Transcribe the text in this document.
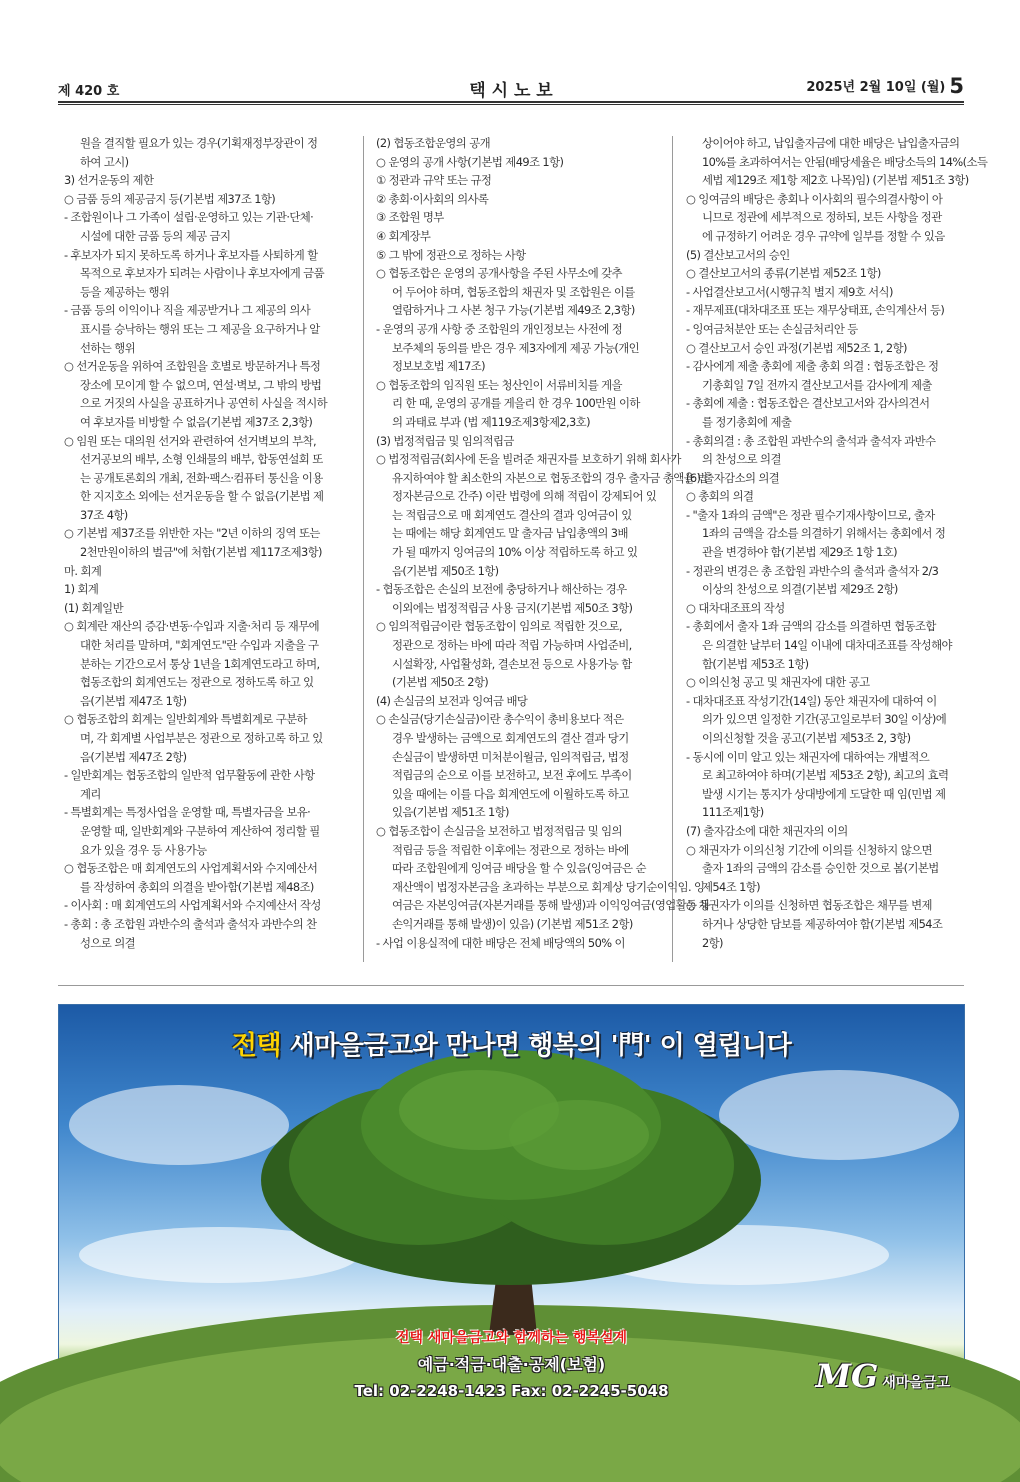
제 420 호	택 시 노 보	2025년 2월 10일 (월) 5

원을 결직할 필요가 있는 경우(기획재정부장관이 정

하여 고시)

3) 선거운동의 제한

○ 금품 등의 제공금지 등(기본법 제37조 1항)

- 조합원이나 그 가족이 설립·운영하고 있는 기관·단체·

시설에 대한 금품 등의 제공 금지

- 후보자가 되지 못하도록 하거나 후보자를 사퇴하게 할

목적으로 후보자가 되려는 사람이나 후보자에게 금품

등을 제공하는 행위

- 금품 등의 이익이나 직을 제공받거나 그 제공의 의사

표시를 승낙하는 행위 또는 그 제공을 요구하거나 알

선하는 행위

○ 선거운동을 위하여 조합원을 호별로 방문하거나 특정

장소에 모이게 할 수 없으며, 연설·벽보, 그 밖의 방법

으로 거짓의 사실을 공표하거나 공연히 사실을 적시하

여 후보자를 비방할 수 없음(기본법 제37조 2,3항)

○ 임원 또는 대의원 선거와 관련하여 선거벽보의 부착,

선거공보의 배부, 소형 인쇄물의 배부, 합동연설회 또

는 공개토론회의 개최, 전화·팩스·컴퓨터 통신을 이용

한 지지호소 외에는 선거운동을 할 수 없음(기본법 제

37조 4항)

○ 기본법 제37조를 위반한 자는 "2년 이하의 징역 또는

2천만원이하의 벌금"에 처함(기본법 제117조제3항)

마. 회계

1) 회계

(1) 회계일반

○ 회계란 재산의 증감·변동·수입과 지출·처리 등 재무에

대한 처리를 말하며, "회계연도"란 수입과 지출을 구

분하는 기간으로서 통상 1년을 1회계연도라고 하며,

협동조합의 회계연도는 정관으로 정하도록 하고 있

음(기본법 제47조 1항)

○ 협동조합의 회계는 일반회계와 특별회계로 구분하

며, 각 회계별 사업부분은 정관으로 정하고록 하고 있

음(기본법 제47조 2항)

- 일반회계는 협동조합의 일반적 업무활동에 관한 사항

계리

- 특별회계는 특정사업을 운영할 때, 특별자금을 보유·

운영할 때, 일반회계와 구분하여 계산하여 정리할 필

요가 있을 경우 등 사용가능

○ 협동조합은 매 회계연도의 사업계획서와 수지예산서

를 작성하여 총회의 의결을 받아함(기본법 제48조)

- 이사회 : 매 회계연도의 사업계획서와 수지예산서 작성

- 총회 : 총 조합원 과반수의 출석과 출석자 과반수의 찬

성으로 의결

(2) 협동조합운영의 공개

○ 운영의 공개 사항(기본법 제49조 1항)

① 정관과 규약 또는 규정

② 총회·이사회의 의사록

③ 조합원 명부

④ 회계장부

⑤ 그 밖에 정관으로 정하는 사항

○ 협동조합은 운영의 공개사항을 주된 사무소에 갖추

어 두어야 하며, 협동조합의 채권자 및 조합원은 이를

열람하거나 그 사본 청구 가능(기본법 제49조 2,3항)

- 운영의 공개 사항 중 조합원의 개인정보는 사전에 정

보주체의 동의를 받은 경우 제3자에게 제공 가능(개인

정보보호법 제17조)

○ 협동조합의 임직원 또는 청산인이 서류비치를 게을

리 한 때, 운영의 공개를 게을리 한 경우 100만원 이하

의 과태료 부과 (법 제119조제3항제2,3호)

(3) 법정적립금 및 임의적립금

○ 법정적립금(회사에 돈을 빌려준 채권자를 보호하기 위해 회사가

유지하여야 할 최소한의 자본으로 협동조합의 경우 출자금 총액을 법

정자본금으로 간주) 이란 법령에 의해 적립이 강제되어 있

는 적립금으로 매 회계연도 결산의 결과 잉여금이 있

는 때에는 해당 회계연도 말 출자금 납입총액의 3배

가 될 때까지 잉여금의 10% 이상 적립하도록 하고 있

음(기본법 제50조 1항)

- 협동조합은 손실의 보전에 충당하거나 해산하는 경우

이외에는 법정적립금 사용 금지(기본법 제50조 3항)

○ 임의적립금이란 협동조합이 임의로 적립한 것으로,

정관으로 정하는 바에 따라 적립 가능하며 사업준비,

시설확장, 사업활성화, 결손보전 등으로 사용가능 함

(기본법 제50조 2항)

(4) 손실금의 보전과 잉여금 배당

○ 손실금(당기손실금)이란 총수익이 총비용보다 적은

경우 발생하는 금액으로 회계연도의 결산 결과 당기

손실금이 발생하면 미처분이월금, 임의적립금, 법정

적립금의 순으로 이를 보전하고, 보전 후에도 부족이

있을 때에는 이를 다음 회계연도에 이월하도록 하고

있음(기본법 제51조 1항)

○ 협동조합이 손실금을 보전하고 법정적립금 및 임의

적립금 등을 적립한 이후에는 정관으로 정하는 바에

따라 조합원에게 잉여금 배당을 할 수 있음(잉여금은 순

재산액이 법정자본금을 초과하는 부분으로 회계상 당기순이익임. 잉

여금은 자본잉여금(자본거래를 통해 발생)과 이익잉여금(영업활동 등

손익거래를 통해 발생)이 있음) (기본법 제51조 2항)

- 사업 이용실적에 대한 배당은 전체 배당액의 50% 이

상이어야 하고, 납입출자금에 대한 배당은 납입출자금의

10%를 초과하여서는 안됨(배당세율은 배당소득의 14%(소득

세법 제129조 제1항 제2호 나목)임) (기본법 제51조 3항)

○ 잉여금의 배당은 총회나 이사회의 필수의결사항이 아

니므로 정관에 세부적으로 정하되, 보든 사항을 정관

에 규정하기 어려운 경우 규약에 일부를 정할 수 있음

(5) 결산보고서의 승인

○ 결산보고서의 종류(기본법 제52조 1항)

- 사업결산보고서(시행규칙 별지 제9호 서식)

- 재무제표(대차대조표 또는 재무상태표, 손익계산서 등)

- 잉여금처분안 또는 손실금처리안 등

○ 결산보고서 승인 과정(기본법 제52조 1, 2항)

- 감사에게 제출 총회에 제출 총회 의결 : 협동조합은 정

기총회일 7일 전까지 결산보고서를 감사에게 제출

- 총회에 제출 : 협동조합은 결산보고서와 감사의견서

를 정기총회에 제출

- 총회의결 : 총 조합원 과반수의 출석과 출석자 과반수

의 찬성으로 의결

(6) 출자감소의 의결

○ 총회의 의결

- "출자 1좌의 금액"은 정관 필수기재사항이므로, 출자

1좌의 금액을 감소를 의결하기 위해서는 총회에서 정

관을 변경하야 함(기본법 제29조 1항 1호)

- 정관의 변경은 총 조합원 과반수의 출석과 출석자 2/3

이상의 찬성으로 의결(기본법 제29조 2항)

○ 대차대조표의 작성

- 총회에서 출자 1좌 금액의 감소를 의결하면 협동조합

은 의결한 날부터 14일 이내에 대차대조표를 작성해야

함(기본법 제53조 1항)

○ 이의신청 공고 및 채권자에 대한 공고

- 대차대조표 작성기간(14일) 동안 채권자에 대하여 이

의가 있으면 일정한 기간(공고일로부터 30일 이상)에

이의신청할 것을 공고(기본법 제53조 2, 3항)

- 동시에 이미 알고 있는 채권자에 대하여는 개별적으

로 최고하여야 하며(기본법 제53조 2항), 최고의 효력

발생 시기는 통지가 상대방에게 도달한 때 임(민법 제

111조제1항)

(7) 출자감소에 대한 채권자의 이의

○ 채권자가 이의신청 기간에 이의를 신청하지 않으면

출자 1좌의 금액의 감소를 승인한 것으로 봄(기본법

제54조 1항)

○ 채권자가 이의를 신청하면 협동조합은 채무를 변제

하거나 상당한 담보를 제공하여야 함(기본법 제54조

2항)

전택 새마을금고와 만나면 행복의 '門' 이 열립니다
전택 새마을금고와 함께하는 행복설계
예금·적금·대출·공제(보험)
Tel: 02-2248-1423 Fax: 02-2245-5048	MG 새마을금고
